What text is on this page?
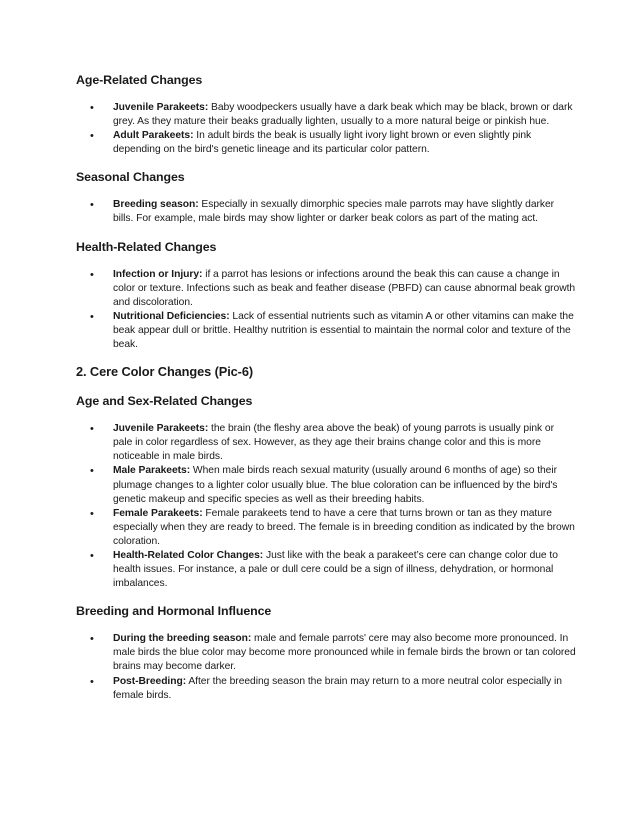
Age-Related Changes
• Juvenile Parakeets: Baby woodpeckers usually have a dark beak which may be black, brown or dark grey. As they mature their beaks gradually lighten, usually to a more natural beige or pinkish hue.
• Adult Parakeets: In adult birds the beak is usually light ivory light brown or even slightly pink depending on the bird's genetic lineage and its particular color pattern.
Seasonal Changes
• Breeding season: Especially in sexually dimorphic species male parrots may have slightly darker bills. For example, male birds may show lighter or darker beak colors as part of the mating act.
Health-Related Changes
• Infection or Injury: if a parrot has lesions or infections around the beak this can cause a change in color or texture. Infections such as beak and feather disease (PBFD) can cause abnormal beak growth and discoloration.
• Nutritional Deficiencies: Lack of essential nutrients such as vitamin A or other vitamins can make the beak appear dull or brittle. Healthy nutrition is essential to maintain the normal color and texture of the beak.
2. Cere Color Changes (Pic-6)
Age and Sex-Related Changes
• Juvenile Parakeets: the brain (the fleshy area above the beak) of young parrots is usually pink or pale in color regardless of sex. However, as they age their brains change color and this is more noticeable in male birds.
• Male Parakeets: When male birds reach sexual maturity (usually around 6 months of age) so their plumage changes to a lighter color usually blue. The blue coloration can be influenced by the bird's genetic makeup and specific species as well as their breeding habits.
• Female Parakeets: Female parakeets tend to have a cere that turns brown or tan as they mature especially when they are ready to breed. The female is in breeding condition as indicated by the brown coloration.
• Health-Related Color Changes: Just like with the beak a parakeet’s cere can change color due to health issues. For instance, a pale or dull cere could be a sign of illness, dehydration, or hormonal imbalances.
Breeding and Hormonal Influence
• During the breeding season: male and female parrots' cere may also become more pronounced. In male birds the blue color may become more pronounced while in female birds the brown or tan colored brains may become darker.
• Post-Breeding: After the breeding season the brain may return to a more neutral color especially in female birds.
